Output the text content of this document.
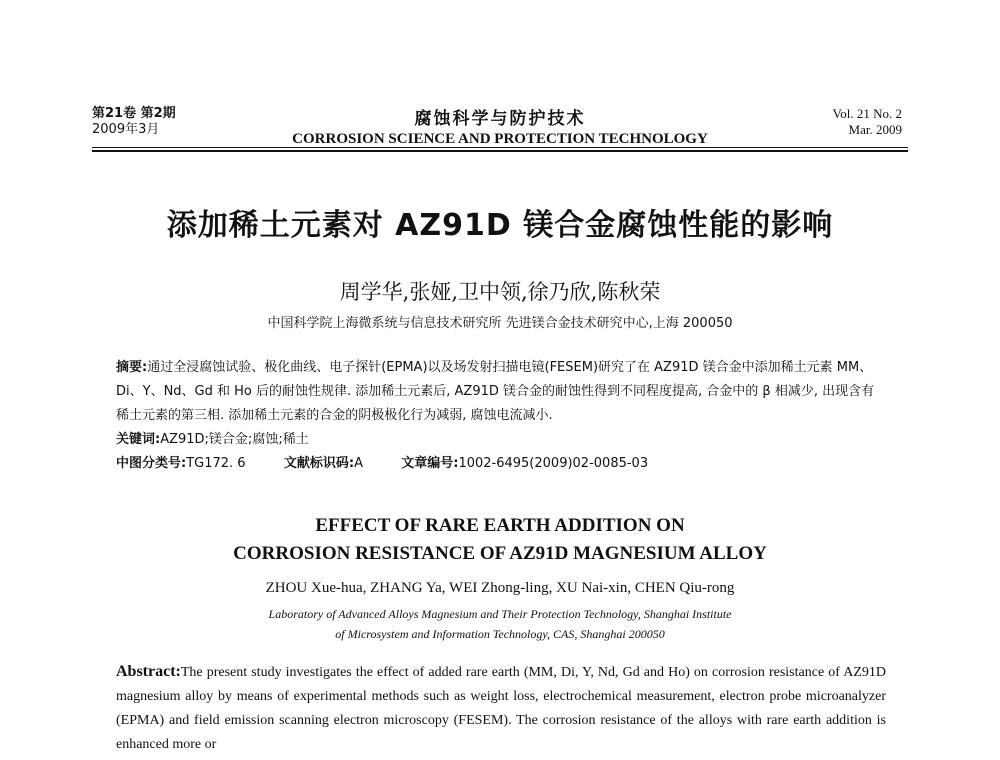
第21卷 第2期
2009年3月
腐蚀科学与防护技术
CORROSION SCIENCE AND PROTECTION TECHNOLOGY
Vol. 21 No. 2
Mar. 2009
添加稀土元素对 AZ91D 镁合金腐蚀性能的影响
周学华,张娅,卫中领,徐乃欣,陈秋荣
中国科学院上海微系统与信息技术研究所 先进镁合金技术研究中心,上海 200050
摘要:通过全浸腐蚀试验、极化曲线、电子探针(EPMA)以及场发射扫描电镜(FESEM)研究了在 AZ91D 镁合金中添加稀土元素 MM、Di、Y、Nd、Gd 和 Ho 后的耐蚀性规律. 添加稀土元素后, AZ91D 镁合金的耐蚀性得到不同程度提高, 合金中的 β 相减少, 出现含有稀土元素的第三相. 添加稀土元素的合金的阴极极化行为减弱, 腐蚀电流减小.
关键词:AZ91D;镁合金;腐蚀;稀土
中图分类号:TG172. 6	文献标识码:A	文章编号:1002-6495(2009)02-0085-03
EFFECT OF RARE EARTH ADDITION ON
CORROSION RESISTANCE OF AZ91D MAGNESIUM ALLOY
ZHOU Xue-hua, ZHANG Ya, WEI Zhong-ling, XU Nai-xin, CHEN Qiu-rong
Laboratory of Advanced Alloys Magnesium and Their Protection Technology, Shanghai Institute
of Microsystem and Information Technology, CAS, Shanghai 200050
Abstract:The present study investigates the effect of added rare earth (MM, Di, Y, Nd, Gd and Ho) on corrosion resistance of AZ91D magnesium alloy by means of experimental methods such as weight loss, electrochemical measurement, electron probe microanalyzer (EPMA) and field emission scanning electron microscopy (FESEM). The corrosion resistance of the alloys with rare earth addition is enhanced more or
